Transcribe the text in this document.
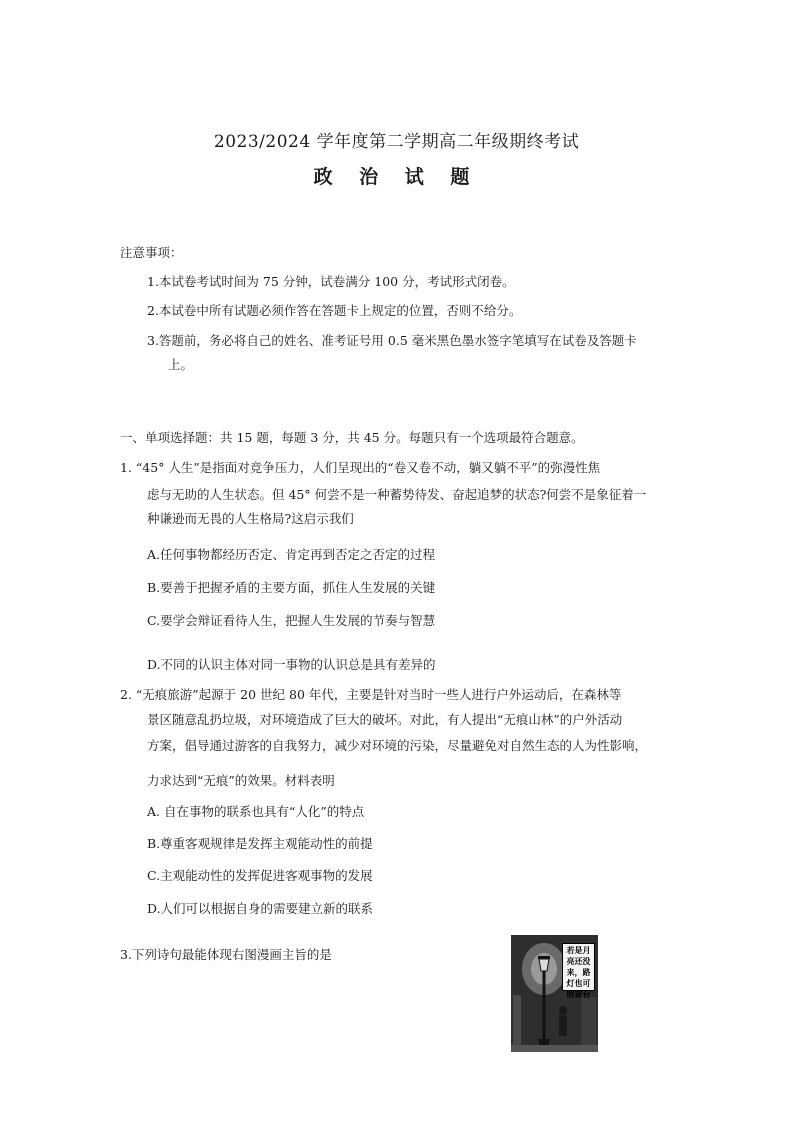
2023/2024 学年度第二学期高二年级期终考试
政 治 试 题
注意事项：
1.本试卷考试时间为 75 分钟，试卷满分 100 分，考试形式闭卷。
2.本试卷中所有试题必须作答在答题卡上规定的位置，否则不给分。
3.答题前，务必将自己的姓名、准考证号用 0.5 毫米黑色墨水签字笔填写在试卷及答题卡
上。
一、单项选择题：共 15 题，每题 3 分，共 45 分。每题只有一个选项最符合题意。
1. “45° 人生”是指面对竞争压力，人们呈现出的“卷又卷不动，躺又躺不平”的弥漫性焦
虑与无助的人生状态。但 45° 何尝不是一种蓄势待发、奋起追梦的状态?何尝不是象征着一
种谦逊而无畏的人生格局?这启示我们
A.任何事物都经历否定、肯定再到否定之否定的过程
B.要善于把握矛盾的主要方面，抓住人生发展的关键
C.要学会辩证看待人生，把握人生发展的节奏与智慧
D.不同的认识主体对同一事物的认识总是具有差异的
2. “无痕旅游”起源于 20 世纪 80 年代，主要是针对当时一些人进行户外运动后，在森林等
景区随意乱扔垃圾，对环境造成了巨大的破坏。对此，有人提出“无痕山林”的户外活动
方案，倡导通过游客的自我努力，减少对环境的污染，尽量避免对自然生态的人为性影响，
力求达到“无痕”的效果。材料表明
A. 自在事物的联系也具有“人化”的特点
B.尊重客观规律是发挥主观能动性的前提
C.主观能动性的发挥促进客观事物的发展
D.人们可以根据自身的需要建立新的联系
3.下列诗句最能体现右图漫画主旨的是	若是月亮还没来，路灯也可照窗台
